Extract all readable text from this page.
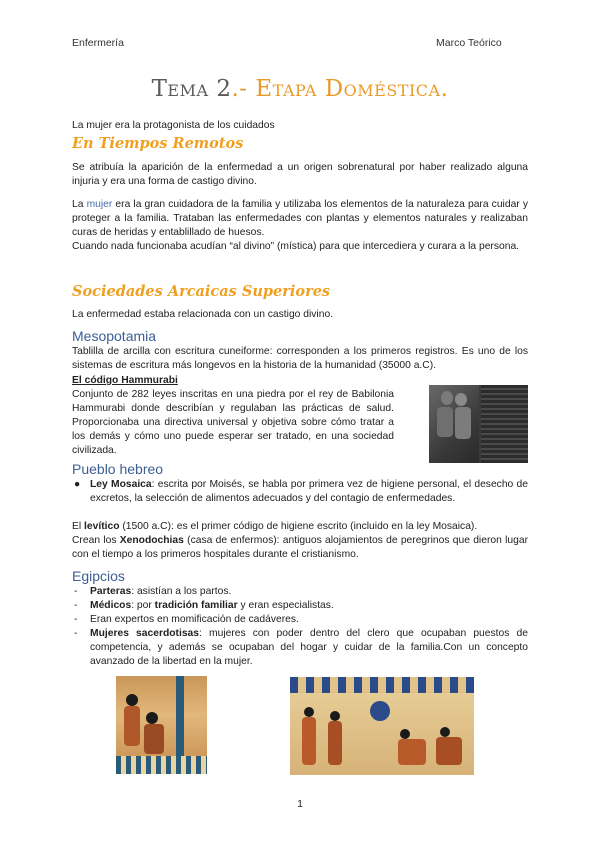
Enfermería	Marco Teórico
Tema 2.- Etapa Doméstica.

La mujer era la protagonista de los cuidados

En Tiempos Remotos

Se atribuía la aparición de la enfermedad a un origen sobrenatural por haber realizado alguna injuria y era una forma de castigo divino.

La mujer era la gran cuidadora de la familia y utilizaba los elementos de la naturaleza para cuidar y proteger a la familia. Trataban las enfermedades con plantas y elementos naturales y realizaban curas de heridas y entablillado de huesos.

Cuando nada funcionaba acudían “al divino” (mística) para que intercediera y curara a la persona.

Sociedades Arcaicas Superiores

La enfermedad estaba relacionada con un castigo divino.

Mesopotamia

Tablilla de arcilla con escritura cuneiforme: corresponden a los primeros registros. Es uno de los sistemas de escritura más longevos en la historia de la humanidad (35000 a.C).

El código Hammurabi

Conjunto de 282 leyes inscritas en una piedra por el rey de Babilonia Hammurabi donde describían y regulaban las prácticas de salud. Proporcionaba una directiva universal y objetiva sobre cómo tratar a los demás y cómo uno puede esperar ser tratado, en una sociedad civilizada.

Pueblo hebreo
● Ley Mosaica: escrita por Moisés, se habla por primera vez de higiene personal, el desecho de excretos, la selección de alimentos adecuados y del contagio de enfermedades.

El levítico (1500 a.C): es el primer código de higiene escrito (incluido en la ley Mosaica).

Crean los Xenodochias (casa de enfermos): antiguos alojamientos de peregrinos que dieron lugar con el tiempo a los primeros hospitales durante el cristianismo.

Egipcios
- Parteras: asistían a los partos.
- Médicos: por tradición familiar y eran especialistas.
- Eran expertos en momificación de cadáveres.
- Mujeres sacerdotisas: mujeres con poder dentro del clero que ocupaban puestos de competencia, y además se ocupaban del hogar y cuidar de la familia.Con un concepto avanzado de la libertad en la mujer.
1
